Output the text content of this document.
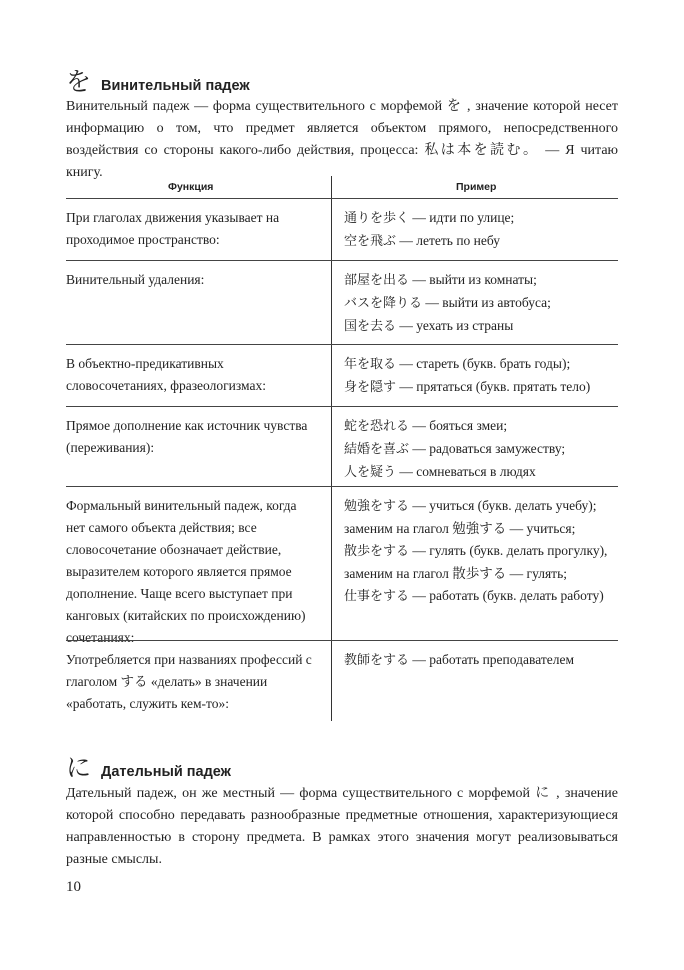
を Винительный падеж

Винительный падеж — форма существительного с морфемой を , значение которой несет информацию о том, что предмет является объектом прямого, непосредственного воздействия со стороны какого-либо действия, процесса: 私は本を読む。 — Я читаю книгу.

Функция	Пример
При глаголах движения указывает на проходимое пространство:
通りを歩く — идти по улице;
空を飛ぶ — лететь по небу
Винительный удаления:	部屋を出る — выйти из комнаты;
バスを降りる — выйти из автобуса;
国を去る — уехать из страны
В объектно-предикативных словосочетаниях, фразеологизмах:
年を取る — стареть (букв. брать годы);
身を隠す — прятаться (букв. прятать тело)
Прямое дополнение как источник чувства (переживания):
蛇を恐れる — бояться змеи;
結婚を喜ぶ — радоваться замужеству;
人を疑う — сомневаться в людях
Формальный винительный падеж, когда нет самого объекта действия; все словосочетание обозначает действие, выразителем которого является прямое дополнение. Чаще всего выступает при канговых (китайских по происхождению) сочетаниях:
勉強をする — учиться (букв. делать учебу);
заменим на глагол 勉強する — учиться;
散歩をする — гулять (букв. делать прогулку),
заменим на глагол 散歩する — гулять;
仕事をする — работать (букв. делать работу)
Употребляется при названиях профессий с глаголом する «делать» в значении «работать, служить кем-то»:
教師をする — работать преподавателем
に Дательный падеж

Дательный падеж, он же местный — форма существительного с морфемой に , значение которой способно передавать разнообразные предметные отношения, характеризующиеся направленностью в сторону предмета. В рамках этого значения могут реализовываться разные смыслы.

10
